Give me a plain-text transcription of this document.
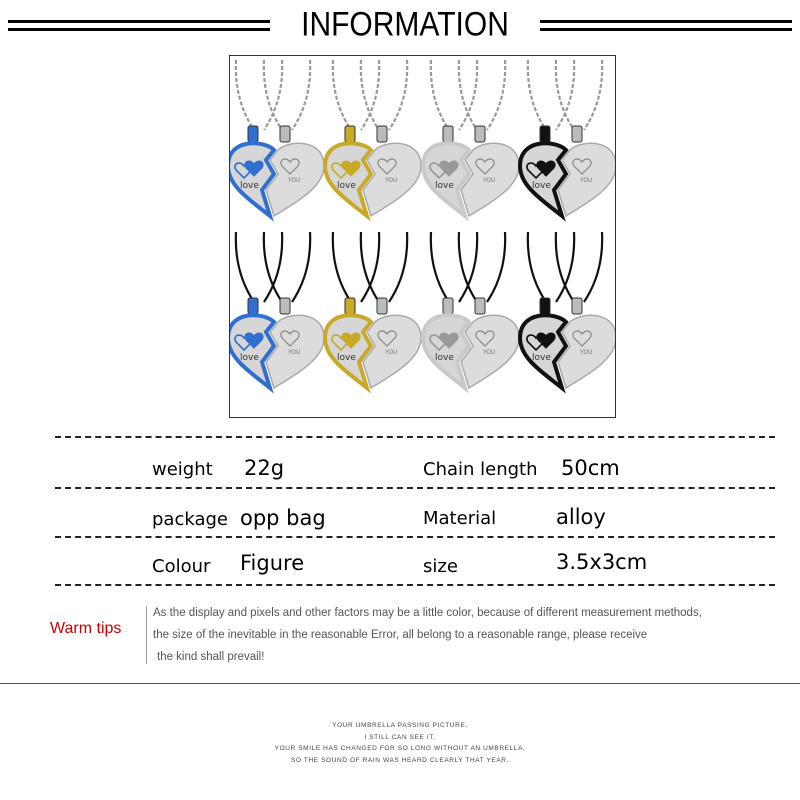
INFORMATION
love
YOU
love
YOU
love
YOU
love
YOU
love
YOU
love
YOU
love
YOU
love
YOU
weight 22g	Chain length 50cm
package opp bag	Material	alloy
Colour Figure	size	3.5x3cm
Warm tips
As the display and pixels and other factors may be a little color, because of different measurement methods,
the size of the inevitable in the reasonable Error, all belong to a reasonable range, please receive
the kind shall prevail!
YOUR UMBRELLA PASSING PICTURE,
I STILL CAN SEE IT,
YOUR SMILE HAS CHANGED FOR SO LONG WITHOUT AN UMBRELLA,
SO THE SOUND OF RAIN WAS HEARD CLEARLY THAT YEAR.
